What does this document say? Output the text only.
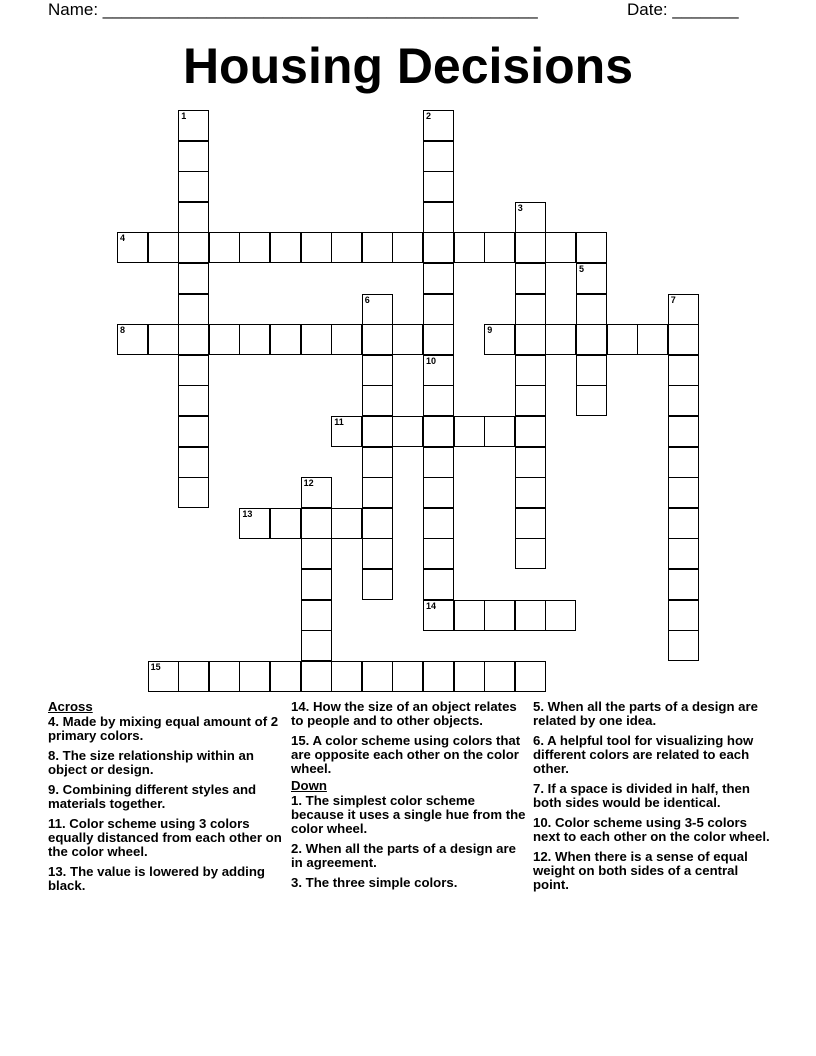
Name: ______________________________________________	Date: _______
Housing Decisions
1	2
3
4
5
6	7
8	9
10
14
11
12
13
15
Across
4. Made by mixing equal amount of 2 primary colors.
8. The size relationship within an object or design.
9. Combining different styles and materials together.
11. Color scheme using 3 colors equally distanced from each other on the color wheel.
13. The value is lowered by adding black.
14. How the size of an object relates to people and to other objects.
15. A color scheme using colors that are opposite each other on the color wheel.
Down
1. The simplest color scheme because it uses a single hue from the color wheel.
2. When all the parts of a design are in agreement.
3. The three simple colors.
5. When all the parts of a design are related by one idea.
6. A helpful tool for visualizing how different colors are related to each other.
7. If a space is divided in half, then both sides would be identical.
10. Color scheme using 3-5 colors next to each other on the color wheel.
12. When there is a sense of equal weight on both sides of a central point.
